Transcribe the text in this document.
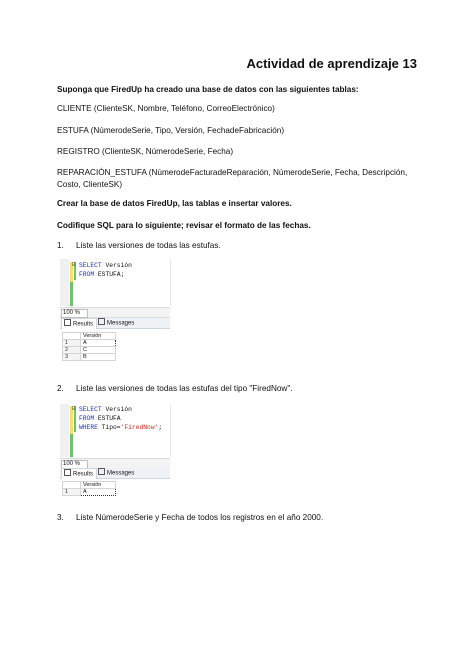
Actividad de aprendizaje 13
Suponga que FiredUp ha creado una base de datos con las siguientes tablas:
CLIENTE (ClienteSK, Nombre, Teléfono, CorreoElectrónico)
ESTUFA (NúmerodeSerie, Tipo, Versión, FechadeFabricación)
REGISTRO (ClienteSK, NúmerodeSerie, Fecha)
REPARACIÓN_ESTUFA (NúmerodeFacturadeReparación, NúmerodeSerie, Fecha, Descripción, Costo, ClienteSK)
Crear la base de datos FiredUp, las tablas e insertar valores.
Codifique SQL para lo siguiente; revisar el formato de las fechas.
1. Liste las versiones de todas las estufas.
⊟ SELECT Versión
FROM ESTUFA;
100 %
Results	Messages
	Versión
1	A
2	C
3	B
2. Liste las versiones de todas las estufas del tipo "FiredNow".
⊟ SELECT Versión
FROM ESTUFA
WHERE Tipo='FiredNow';
100 %
Results	Messages
	Versión
1	A
3. Liste NúmerodeSerie y Fecha de todos los registros en el año 2000.
